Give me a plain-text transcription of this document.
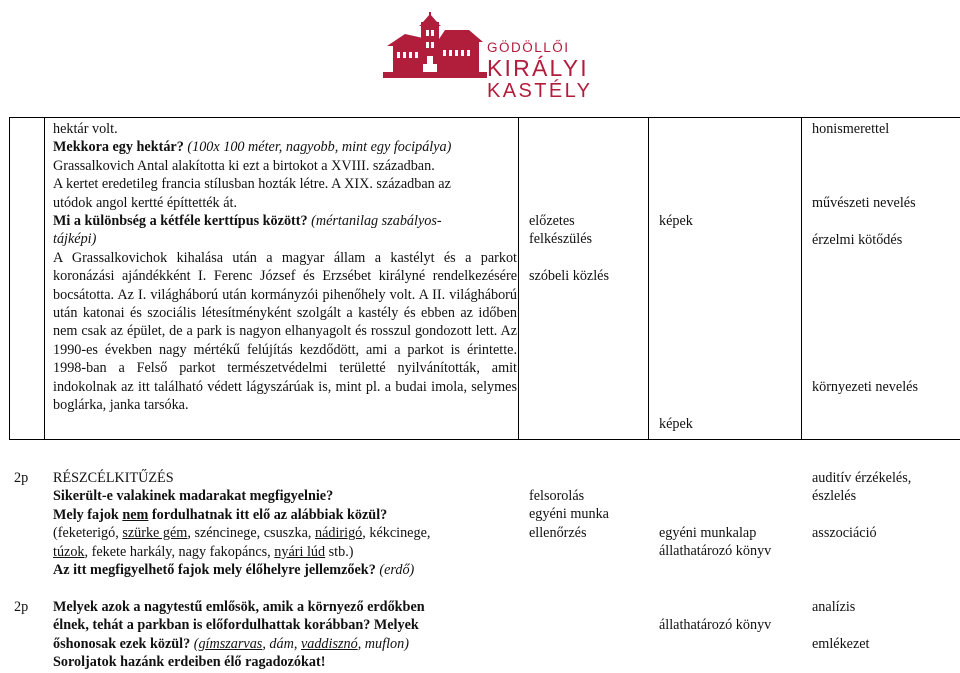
GÖDÖLLŐI
KIRÁLYI
KASTÉLY

hektár volt.

Mekkora egy hektár? (100x 100 méter, nagyobb, mint egy focipálya)

Grassalkovich Antal alakította ki ezt a birtokot a XVIII. században.

A kertet eredetileg francia stílusban hozták létre. A XIX. században az

utódok angol kertté építtették át.

Mi a különbség a kétféle kerttípus között? (mértanilag szabályos-

tájképi)

A Grassalkovichok kihalása után a magyar állam a kastélyt és a parkot koronázási ajándékként I. Ferenc József és Erzsébet királyné rendelkezésére bocsátotta. Az I. világháború után kormányzói pihenőhely volt. A II. világháború után katonai és szociális létesítményként szolgált a kastély és ebben az időben nem csak az épület, de a park is nagyon elhanyagolt és rosszul gondozott lett. Az 1990-es években nagy mértékű felújítás kezdődött, ami a parkot is érintette. 1998-ban a Felső parkot természetvédelmi területté nyilvánították, amit indokolnak az itt található védett lágyszárúak is, mint pl. a budai imola, selymes boglárka, janka tarsóka.

előzetes

felkészülés

szóbeli közlés

képek
képek
honismerettel
művészeti nevelés
érzelmi kötődés
környezeti nevelés
2p RÉSZCÉLKITŰZÉS

Sikerült-e valakinek madarakat megfigyelnie?

Mely fajok nem fordulhatnak itt elő az alábbiak közül?

(feketerigó, szürke gém, széncinege, csuszka, nádirigó, kékcinege,

túzok, fekete harkály, nagy fakopáncs, nyári lúd stb.)

Az itt megfigyelhető fajok mely élőhelyre jellemzőek? (erdő)

felsorolás

egyéni munka

ellenőrzés	egyéni munkalap

állathatározó könyv

auditív érzékelés,

észlelés

asszociáció

2p Melyek azok a nagytestű emlősök, amik a környező erdőkben

élnek, tehát a parkban is előfordulhattak korábban? Melyek

őshonosak ezek közül? (gímszarvas, dám, vaddisznó, muflon)

Soroljatok hazánk erdeiben élő ragadozókat!

állathatározó könyv

analízis

emlékezet
